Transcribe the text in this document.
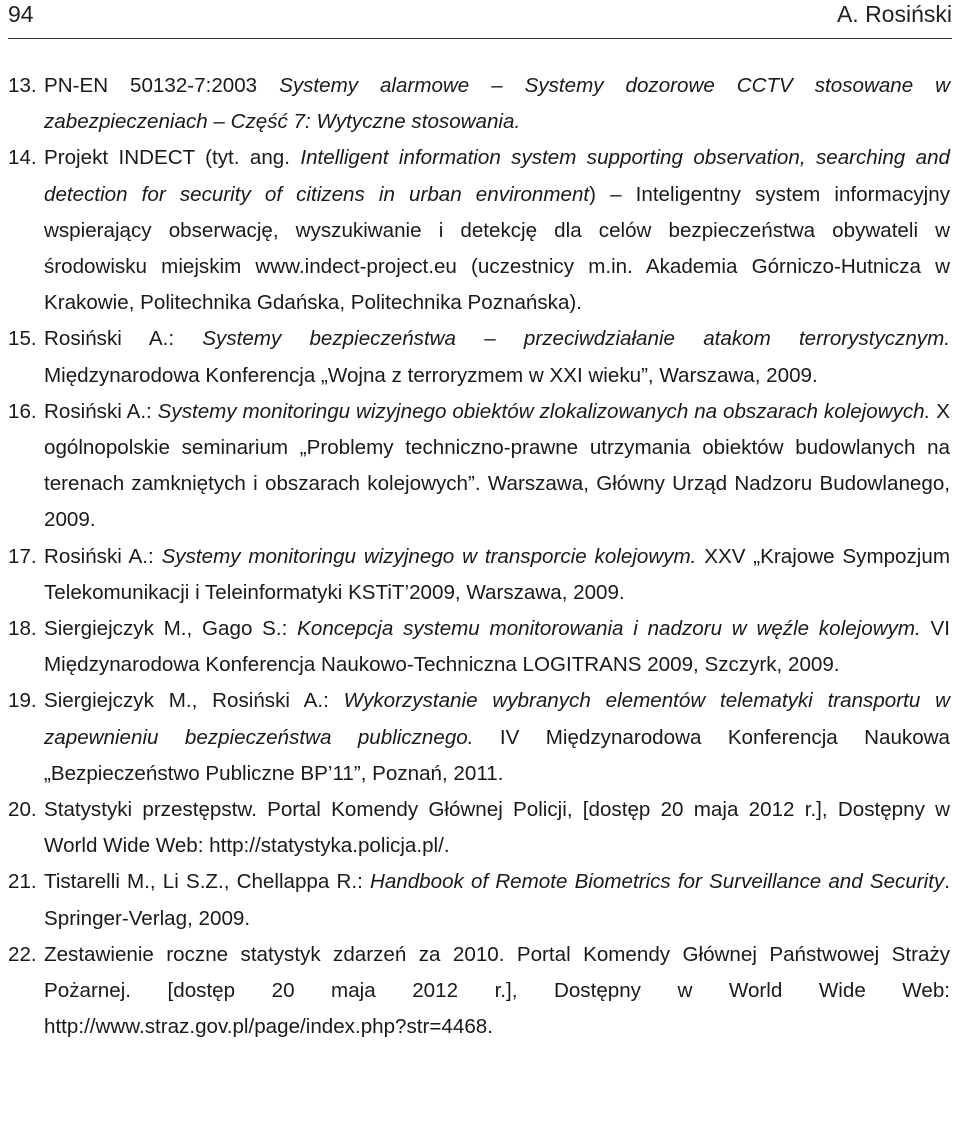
94	A. Rosiński
13. PN-EN 50132-7:2003 Systemy alarmowe – Systemy dozorowe CCTV stosowane w zabezpieczeniach – Część 7: Wytyczne stosowania.
14. Projekt INDECT (tyt. ang. Intelligent information system supporting observation, searching and detection for security of citizens in urban environment) – Inteligentny system informacyjny wspierający obserwację, wyszukiwanie i detekcję dla celów bezpieczeństwa obywateli w środowisku miejskim www.indect-project.eu (uczestnicy m.in. Akademia Górniczo-Hutnicza w Krakowie, Politechnika Gdańska, Politechnika Poznańska).
15. Rosiński A.: Systemy bezpieczeństwa – przeciwdziałanie atakom terrorystycznym. Międzynarodowa Konferencja „Wojna z terroryzmem w XXI wieku”, Warszawa, 2009.
16. Rosiński A.: Systemy monitoringu wizyjnego obiektów zlokalizowanych na obszarach kolejowych. X ogólnopolskie seminarium „Problemy techniczno-prawne utrzymania obiektów budowlanych na terenach zamkniętych i obszarach kolejowych”. Warszawa, Główny Urząd Nadzoru Budowlanego, 2009.
17. Rosiński A.: Systemy monitoringu wizyjnego w transporcie kolejowym. XXV „Krajowe Sympozjum Telekomunikacji i Teleinformatyki KSTiT’2009, Warszawa, 2009.
18. Siergiejczyk M., Gago S.: Koncepcja systemu monitorowania i nadzoru w węźle kolejowym. VI Międzynarodowa Konferencja Naukowo-Techniczna LOGITRANS 2009, Szczyrk, 2009.
19. Siergiejczyk M., Rosiński A.: Wykorzystanie wybranych elementów telematyki transportu w zapewnieniu bezpieczeństwa publicznego. IV Międzynarodowa Konferencja Naukowa „Bezpieczeństwo Publiczne BP’11”, Poznań, 2011.
20. Statystyki przestępstw. Portal Komendy Głównej Policji, [dostęp 20 maja 2012 r.], Dostępny w World Wide Web: http://statystyka.policja.pl/.
21. Tistarelli M., Li S.Z., Chellappa R.: Handbook of Remote Biometrics for Surveillance and Security. Springer-Verlag, 2009.
22. Zestawienie roczne statystyk zdarzeń za 2010. Portal Komendy Głównej Państwowej Straży Pożarnej. [dostęp 20 maja 2012 r.], Dostępny w World Wide Web: http://www.straz.gov.pl/page/index.php?str=4468.
